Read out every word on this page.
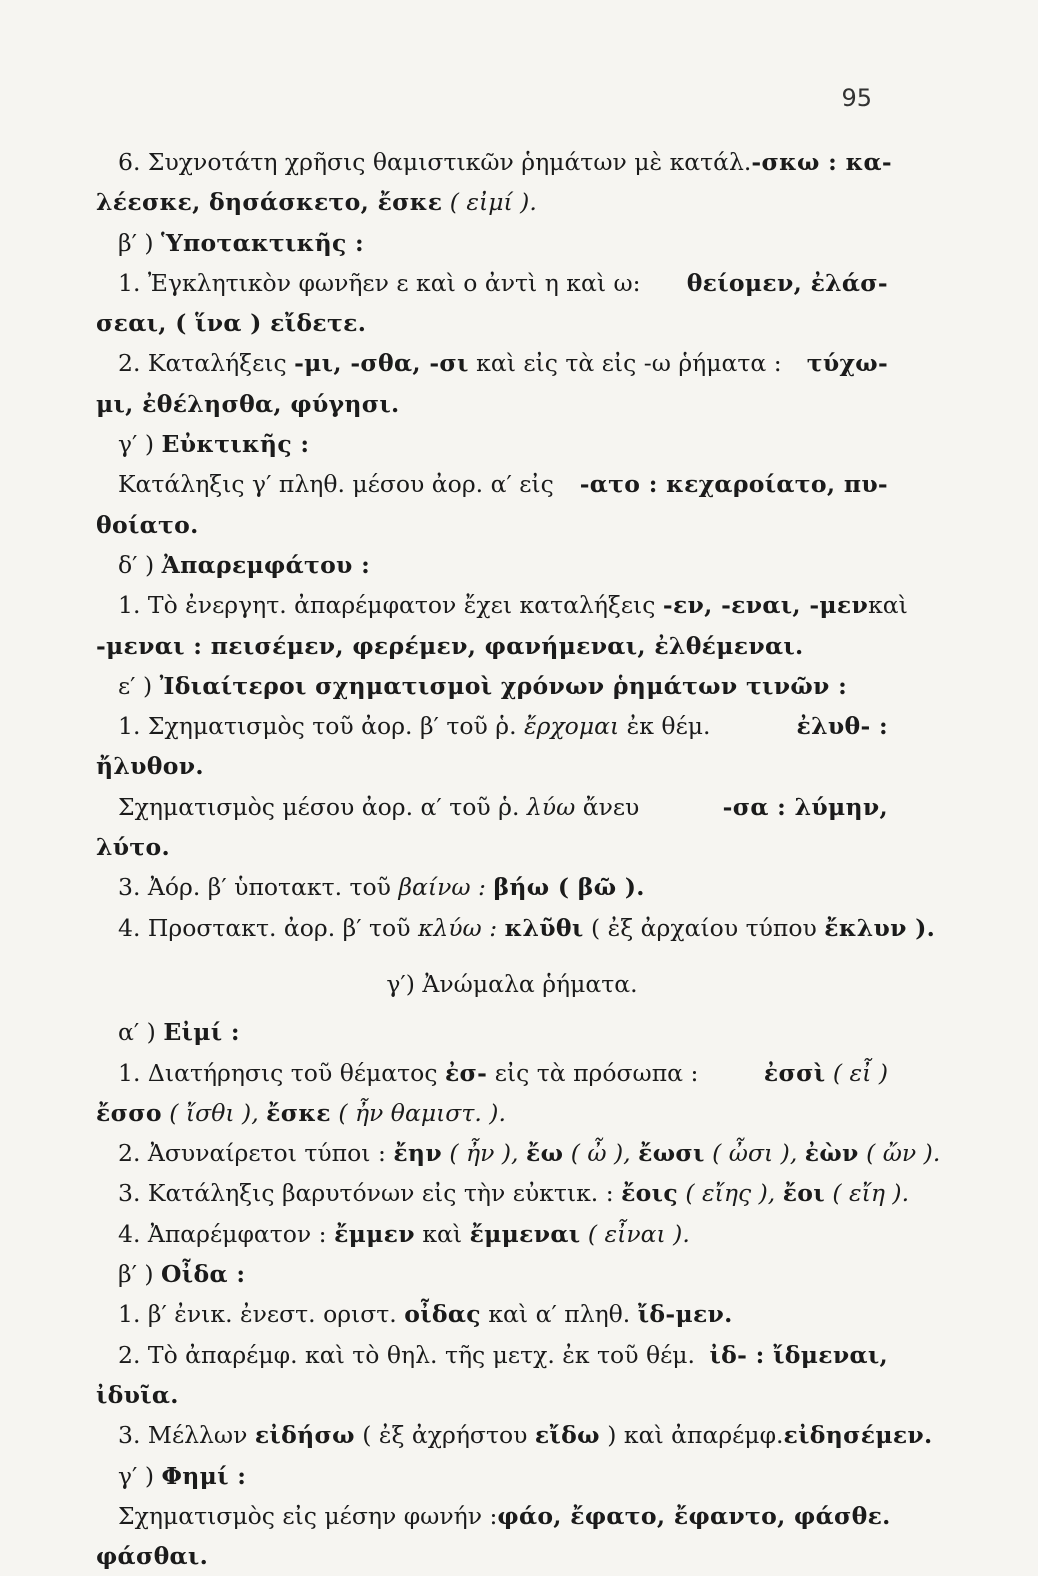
95
6. Συχνοτάτη χρῆσις θαμιστικῶν ῥημάτων μὲ κατάλ. -σκω : κα-
λέεσκε, δησάσκετο, ἔσκε ( εἰμί ).
β′ ) Ὑποτακτικῆς :
1. Ἐγκλητικὸν φωνῆεν ε καὶ ο ἀντὶ η καὶ ω: θείομεν, ἐλάσ-
σεαι, ( ἵνα ) εἴδετε.
2. Καταλήξεις -μι, -σθα, -σι καὶ εἰς τὰ εἰς -ω ῥήματα : τύχω-
μι, ἐθέλησθα, φύγησι.
γ′ ) Εὐκτικῆς :
Κατάληξις γ′ πληθ. μέσου ἀορ. α′ εἰς -ατο : κεχαροίατο, πυ-
θοίατο.
δ′ ) Ἀπαρεμφάτου :
1. Τὸ ἐνεργητ. ἀπαρέμφατον ἔχει καταλήξεις -εν, -εναι, -μεν καὶ
-μεναι : πεισέμεν, φερέμεν, φανήμεναι, ἐλθέμεναι.
ε′ ) Ἰδιαίτεροι σχηματισμοὶ χρόνων ῥημάτων τινῶν :
1. Σχηματισμὸς τοῦ ἀορ. β′ τοῦ ῥ. ἔρχομαι ἐκ θέμ.	ἐλυθ- :
ἤλυθον.
Σχηματισμὸς μέσου ἀορ. α′ τοῦ ῥ. λύω ἄνευ	-σα : λύμην,
λύτο.
3. Ἀόρ. β′ ὑποτακτ. τοῦ βαίνω : βήω ( βῶ ).
4. Προστακτ. ἀορ. β′ τοῦ κλύω : κλῦθι ( ἐξ ἀρχαίου τύπου ἔκλυν ).
γ′) Ἀνώμαλα ῥήματα.
α′ ) Εἰμί :
1. Διατήρησις τοῦ θέματος ἐσ- εἰς τὰ πρόσωπα :	ἐσσὶ ( εἶ )
ἔσσο ( ἴσθι ), ἔσκε ( ἦν θαμιστ. ).
2. Ἀσυναίρετοι τύποι : ἔην ( ἦν ), ἔω ( ὦ ), ἔωσι ( ὦσι ), ἐὼν ( ὤν ).
3. Κατάληξις βαρυτόνων εἰς τὴν εὐκτικ. : ἔοις ( εἴης ), ἔοι ( εἴη ).
4. Ἀπαρέμφατον : ἔμμεν καὶ ἔμμεναι ( εἶναι ).
β′ ) Οἶδα :
1. β′ ἐνικ. ἐνεστ. οριστ. οἶδας καὶ α′ πληθ. ἴδ-μεν.
2. Τὸ ἀπαρέμφ. καὶ τὸ θηλ. τῆς μετχ. ἐκ τοῦ θέμ. ἰδ- : ἴδμεναι,
ἰδυῖα.
3. Μέλλων εἰδήσω ( ἐξ ἀχρήστου εἴδω ) καὶ ἀπαρέμφ. εἰδησέμεν.
γ′ ) Φημί :
Σχηματισμὸς εἰς μέσην φωνήν : φάο, ἔφατο, ἔφαντο, φάσθε.
φάσθαι.
